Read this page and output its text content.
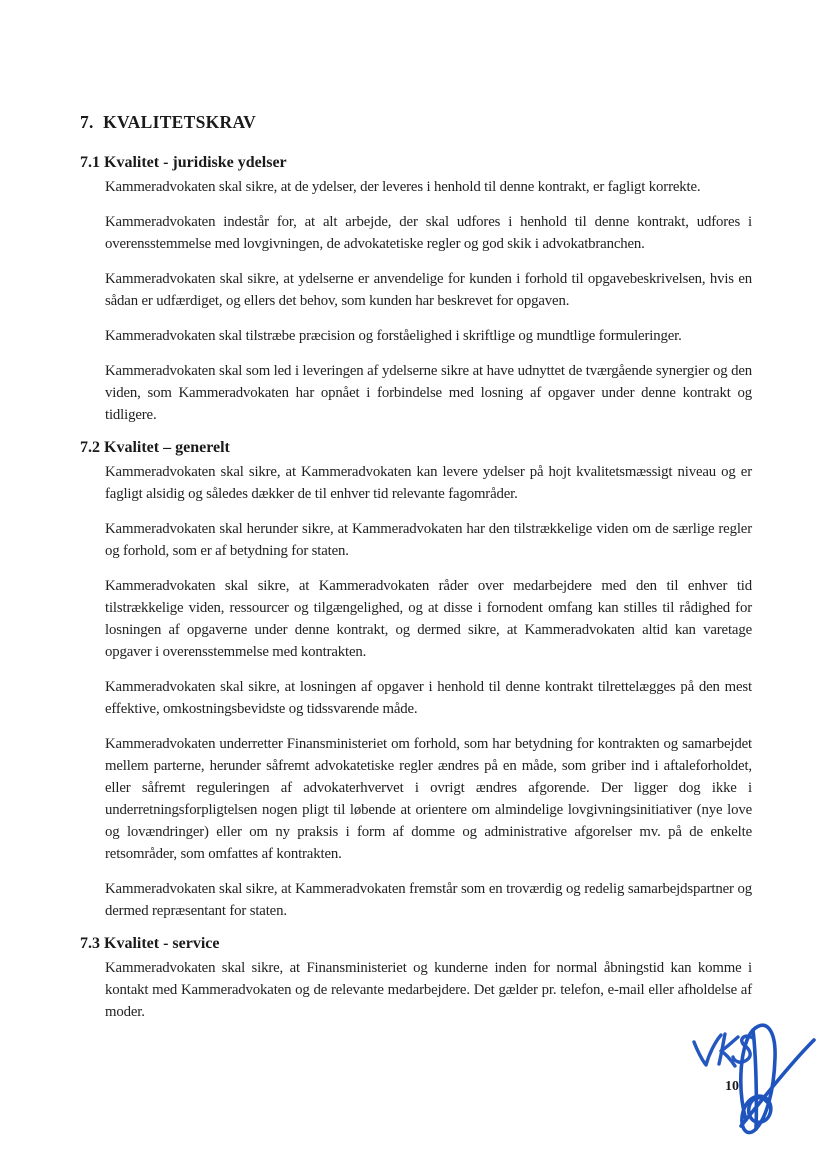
7.  KVALITETSKRAV
7.1 Kvalitet - juridiske ydelser

Kammeradvokaten skal sikre, at de ydelser, der leveres i henhold til denne kontrakt, er fagligt korrekte.

Kammeradvokaten indestår for, at alt arbejde, der skal udfores i henhold til denne kontrakt, udfores i overensstemmelse med lovgivningen, de advokatetiske regler og god skik i advokatbranchen.

Kammeradvokaten skal sikre, at ydelserne er anvendelige for kunden i forhold til opgavebeskrivelsen, hvis en sådan er udfærdiget, og ellers det behov, som kunden har beskrevet for opgaven.

Kammeradvokaten skal tilstræbe præcision og forståelighed i skriftlige og mundtlige formuleringer.

Kammeradvokaten skal som led i leveringen af ydelserne sikre at have udnyttet de tværgående synergier og den viden, som Kammeradvokaten har opnået i forbindelse med losning af opgaver under denne kontrakt og tidligere.

7.2 Kvalitet – generelt

Kammeradvokaten skal sikre, at Kammeradvokaten kan levere ydelser på hojt kvalitetsmæssigt niveau og er fagligt alsidig og således dækker de til enhver tid relevante fagområder.

Kammeradvokaten skal herunder sikre, at Kammeradvokaten har den tilstrækkelige viden om de særlige regler og forhold, som er af betydning for staten.

Kammeradvokaten skal sikre, at Kammeradvokaten råder over medarbejdere med den til enhver tid tilstrækkelige viden, ressourcer og tilgængelighed, og at disse i fornodent omfang kan stilles til rådighed for losningen af opgaverne under denne kontrakt, og dermed sikre, at Kammeradvokaten altid kan varetage opgaver i overensstemmelse med kontrakten.

Kammeradvokaten skal sikre, at losningen af opgaver i henhold til denne kontrakt tilrettelægges på den mest effektive, omkostningsbevidste og tidssvarende måde.

Kammeradvokaten underretter Finansministeriet om forhold, som har betydning for kontrakten og samarbejdet mellem parterne, herunder såfremt advokatetiske regler ændres på en måde, som griber ind i aftaleforholdet, eller såfremt reguleringen af advokaterhvervet i ovrigt ændres afgorende. Der ligger dog ikke i underretningsforpligtelsen nogen pligt til løbende at orientere om almindelige lovgivningsinitiativer (nye love og lovændringer) eller om ny praksis i form af domme og administrative afgorelser mv. på de enkelte retsområder, som omfattes af kontrakten.

Kammeradvokaten skal sikre, at Kammeradvokaten fremstår som en troværdig og redelig samarbejdspartner og dermed repræsentant for staten.

7.3 Kvalitet - service

Kammeradvokaten skal sikre, at Finansministeriet og kunderne inden for normal åbningstid kan komme i kontakt med Kammeradvokaten og de relevante medarbejdere. Det gælder pr. telefon, e-mail eller afholdelse af moder.

10
